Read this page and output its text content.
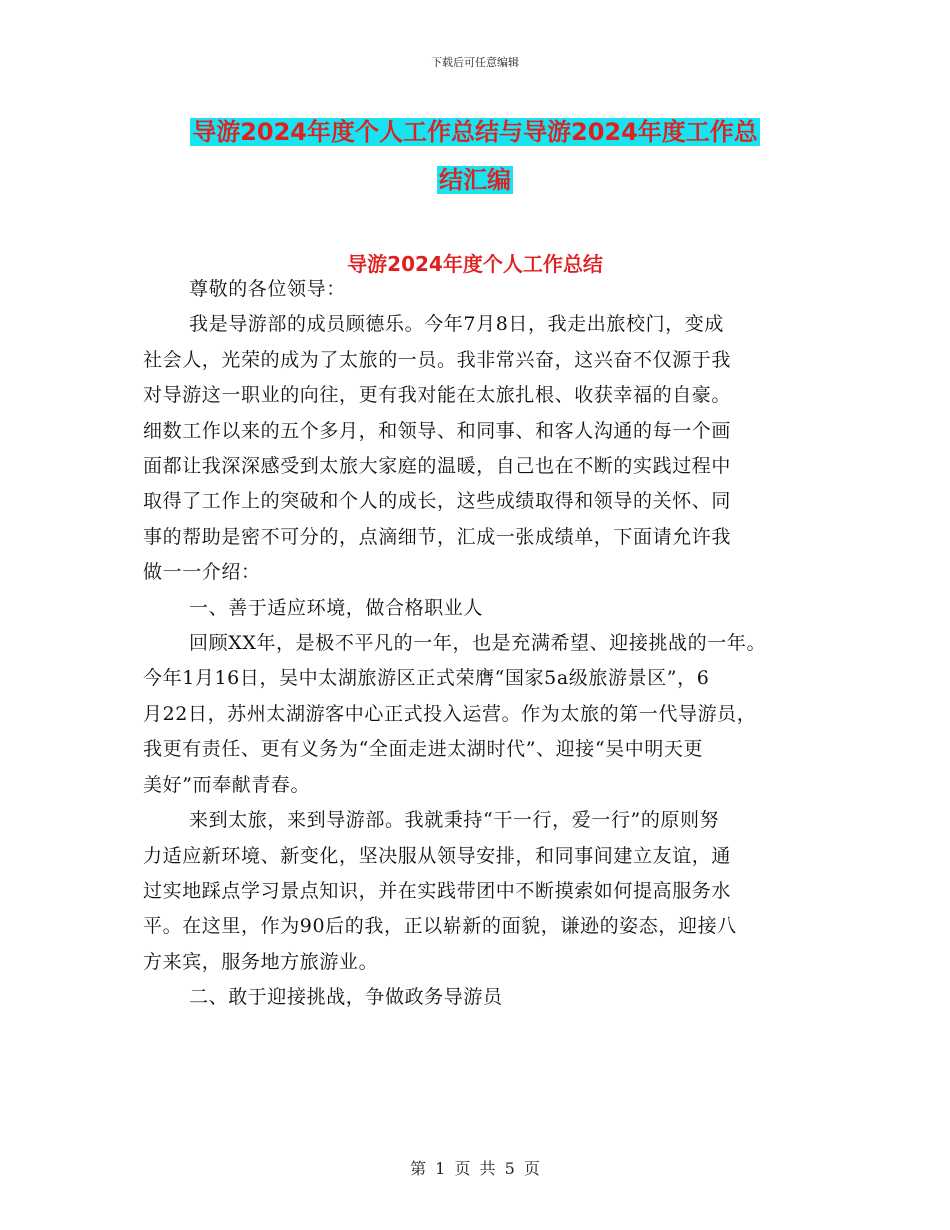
下载后可任意编辑
导游2024年度个人工作总结与导游2024年度工作总
结汇编
导游2024年度个人工作总结
尊敬的各位领导：
我是导游部的成员顾德乐。今年7月8日，我走出旅校门，变成
社会人，光荣的成为了太旅的一员。我非常兴奋，这兴奋不仅源于我
对导游这一职业的向往，更有我对能在太旅扎根、收获幸福的自豪。
细数工作以来的五个多月，和领导、和同事、和客人沟通的每一个画
面都让我深深感受到太旅大家庭的温暖，自己也在不断的实践过程中
取得了工作上的突破和个人的成长，这些成绩取得和领导的关怀、同
事的帮助是密不可分的，点滴细节，汇成一张成绩单，下面请允许我
做一一介绍：
一、善于适应环境，做合格职业人
回顾XX年，是极不平凡的一年，也是充满希望、迎接挑战的一年。
今年1月16日，吴中太湖旅游区正式荣膺“国家5a级旅游景区”，6
月22日，苏州太湖游客中心正式投入运营。作为太旅的第一代导游员，
我更有责任、更有义务为“全面走进太湖时代”、迎接“吴中明天更
美好”而奉献青春。
来到太旅，来到导游部。我就秉持“干一行，爱一行”的原则努
力适应新环境、新变化，坚决服从领导安排，和同事间建立友谊，通
过实地踩点学习景点知识，并在实践带团中不断摸索如何提高服务水
平。在这里，作为90后的我，正以崭新的面貌，谦逊的姿态，迎接八
方来宾，服务地方旅游业。
二、敢于迎接挑战，争做政务导游员
第 1 页 共 5 页
